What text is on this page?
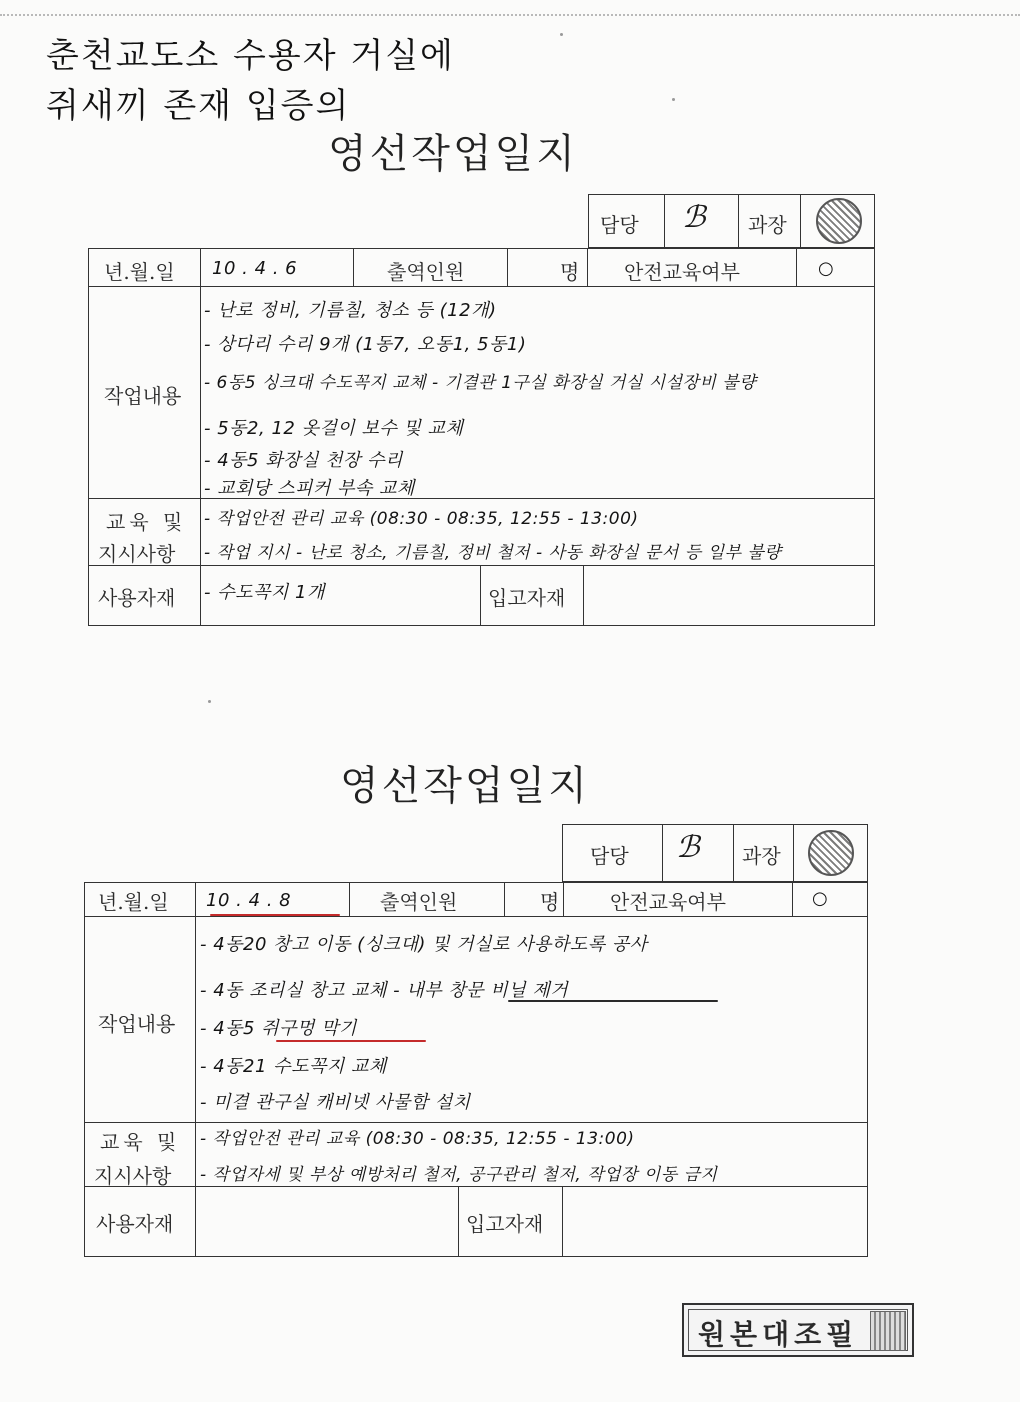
춘천교도소 수용자 거실에
쥐새끼 존재 입증의
영선작업일지
담당 ℬ 과장
년.월.일 10 . 4 . 6	출역인원	명 안전교육여부	○
작업내용
- 난로 정비, 기름칠, 청소 등 (12개)
- 상다리 수리 9개 (1동7, 오동1, 5동1)
- 6동5 싱크대 수도꼭지 교체 - 기결관 1구실 화장실 거실 시설장비 불량
- 5동2, 12 옷걸이 보수 및 교체
- 4동5 화장실 천장 수리
- 교회당 스피커 부속 교체
교육 및
지시사항
- 작업안전 관리 교육 (08:30 - 08:35, 12:55 - 13:00)
- 작업 지시 - 난로 청소, 기름칠, 정비 철저 - 사동 화장실 문서 등 일부 불량
사용자재 - 수도꼭지 1개	입고자재
영선작업일지
담당 ℬ 과장
년.월.일 10 . 4 . 8	출역인원	명	안전교육여부	○
작업내용
- 4동20 창고 이동 (싱크대) 및 거실로 사용하도록 공사
- 4동 조리실 창고 교체 - 내부 창문 비닐 제거
- 4동5 쥐구멍 막기
- 4동21 수도꼭지 교체
- 미결 관구실 캐비넷 사물함 설치
교육 및
지시사항
- 작업안전 관리 교육 (08:30 - 08:35, 12:55 - 13:00)
- 작업자세 및 부상 예방처리 철저, 공구관리 철저, 작업장 이동 금지
사용자재	입고자재
원본대조필
